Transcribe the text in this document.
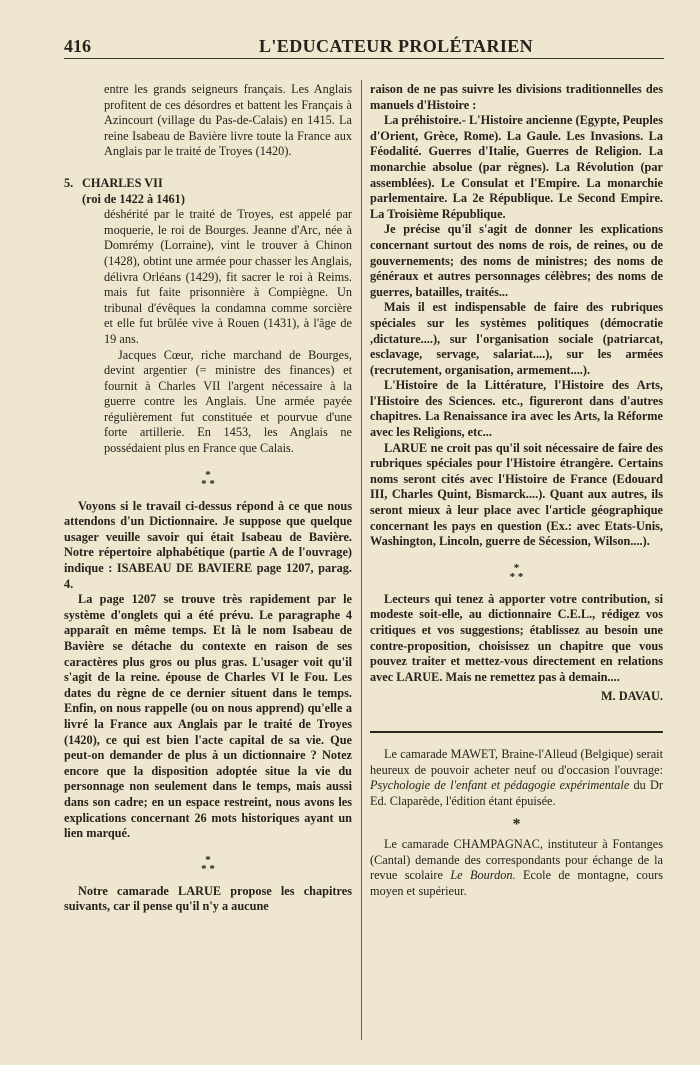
416	L'EDUCATEUR PROLÉTARIEN

entre les grands seigneurs français. Les Anglais profitent de ces désordres et battent les Français à Azincourt (village du Pas-de-Calais) en 1415. La reine Isabeau de Bavière livre toute la France aux Anglais par le traité de Troyes (1420).

5. CHARLES VII

(roi de 1422 à 1461)

déshérité par le traité de Troyes, est appelé par moquerie, le roi de Bourges. Jeanne d'Arc, née à Domrémy (Lorraine), vint le trouver à Chinon (1428), obtint une armée pour chasser les Anglais, délivra Orléans (1429), fit sacrer le roi à Reims. mais fut faite prisonnière à Compiègne. Un tribunal d'évêques la condamna comme sorcière et elle fut brûlée vive à Rouen (1431), à l'âge de 19 ans.

Jacques Cœur, riche marchand de Bourges, devint argentier (= ministre des finances) et fournit à Charles VII l'argent nécessaire à la guerre contre les Anglais. Une armée payée régulièrement fut constituée et pourvue d'une forte artillerie. En 1453, les Anglais ne possédaient plus en France que Calais.

*
* *

Voyons si le travail ci-dessus répond à ce que nous attendons d'un Dictionnaire. Je suppose que quelque usager veuille savoir qui était Isabeau de Bavière. Notre répertoire alphabétique (partie A de l'ouvrage) indique : ISABEAU DE BAVIERE page 1207, parag. 4.

La page 1207 se trouve très rapidement par le système d'onglets qui a été prévu. Le paragraphe 4 apparaît en même temps. Et là le nom Isabeau de Bavière se détache du contexte en raison de ses caractères plus gros ou plus gras. L'usager voit qu'il s'agit de la reine. épouse de Charles VI le Fou. Les dates du règne de ce dernier situent dans le temps. Enfin, on nous rappelle (ou on nous apprend) qu'elle a livré la France aux Anglais par le traité de Troyes (1420), ce qui est bien l'acte capital de sa vie. Que peut-on demander de plus à un dictionnaire ? Notez encore que la disposition adoptée situe la vie du personnage non seulement dans le temps, mais aussi dans son cadre; en un espace restreint, nous avons les explications concernant 26 mots historiques ayant un lien marqué.

*
* *

Notre camarade LARUE propose les chapitres suivants, car il pense qu'il n'y a aucune

raison de ne pas suivre les divisions traditionnelles des manuels d'Histoire :

La préhistoire.- L'Histoire ancienne (Egypte, Peuples d'Orient, Grèce, Rome). La Gaule. Les Invasions. La Féodalité. Guerres d'Italie, Guerres de Religion. La monarchie absolue (par règnes). La Révolution (par assemblées). Le Consulat et l'Empire. La monarchie parlementaire. La 2e République. Le Second Empire. La Troisième République.

Je précise qu'il s'agit de donner les explications concernant surtout des noms de rois, de reines, ou de gouvernements; des noms de ministres; des noms de généraux et autres personnages célèbres; des noms de guerres, batailles, traités...

Mais il est indispensable de faire des rubriques spéciales sur les systèmes politiques (démocratie ,dictature....), sur l'organisation sociale (patriarcat, esclavage, servage, salariat....), sur les armées (recrutement, organisation, armement....).

L'Histoire de la Littérature, l'Histoire des Arts, l'Histoire des Sciences. etc., figureront dans d'autres chapitres. La Renaissance ira avec les Arts, la Réforme avec les Religions, etc...

LARUE ne croit pas qu'il soit nécessaire de faire des rubriques spéciales pour l'Histoire étrangère. Certains noms seront cités avec l'Histoire de France (Edouard III, Charles Quint, Bismarck....). Quant aux autres, ils seront mieux à leur place avec l'article géographique concernant les pays en question (Ex.: avec Etats-Unis, Washington, Lincoln, guerre de Sécession, Wilson....).

*
* *

Lecteurs qui tenez à apporter votre contribution, si modeste soit-elle, au dictionnaire C.E.L., rédigez vos critiques et vos suggestions; établissez au besoin une contre-proposition, choisissez un chapitre que vous pouvez traiter et mettez-vous directement en relations avec LARUE. Mais ne remettez pas à demain....

M. DAVAU.

Le camarade MAWET, Braine-l'Alleud (Belgique) serait heureux de pouvoir acheter neuf ou d'occasion l'ouvrage: Psychologie de l'enfant et pédagogie expérimentale du Dr Ed. Claparède, l'édition étant épuisée.

*

Le camarade CHAMPAGNAC, instituteur à Fontanges (Cantal) demande des correspondants pour échange de la revue scolaire Le Bourdon. Ecole de montagne, cours moyen et supérieur.
